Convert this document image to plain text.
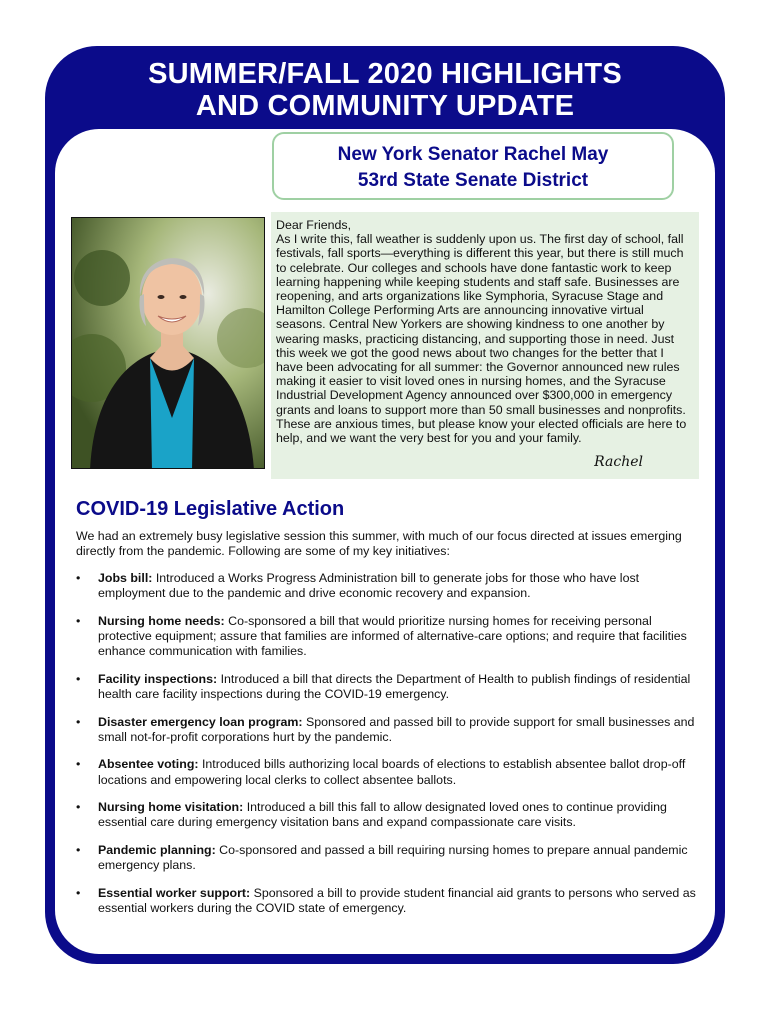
SUMMER/FALL 2020 HIGHLIGHTS
AND COMMUNITY UPDATE
New York Senator Rachel May
53rd State Senate District

Dear Friends,

As I write this, fall weather is suddenly upon us. The first day of school, fall festivals, fall sports—everything is different this year, but there is still much to celebrate. Our colleges and schools have done fantastic work to keep learning happening while keeping students and staff safe. Businesses are reopening, and arts organizations like Symphoria, Syracuse Stage and Hamilton College Performing Arts are announcing innovative virtual seasons. Central New Yorkers are showing kindness to one another by wearing masks, practicing distancing, and supporting those in need. Just this week we got the good news about two changes for the better that I have been advocating for all summer: the Governor announced new rules making it easier to visit loved ones in nursing homes, and the Syracuse Industrial Development Agency announced over $300,000 in emergency grants and loans to support more than 50 small businesses and nonprofits. These are anxious times, but please know your elected officials are here to help, and we want the very best for you and your family.

Rachel
COVID-19 Legislative Action

We had an extremely busy legislative session this summer, with much of our focus directed at issues emerging directly from the pandemic. Following are some of my key initiatives:

• Jobs bill: Introduced a Works Progress Administration bill to generate jobs for those who have lost employment due to the pandemic and drive economic recovery and expansion.
• Nursing home needs: Co-sponsored a bill that would prioritize nursing homes for receiving personal protective equipment; assure that families are informed of alternative-care options; and require that facilities enhance communication with families.
• Facility inspections: Introduced a bill that directs the Department of Health to publish findings of residential health care facility inspections during the COVID-19 emergency.
• Disaster emergency loan program: Sponsored and passed bill to provide support for small businesses and small not-for-profit corporations hurt by the pandemic.
• Absentee voting: Introduced bills authorizing local boards of elections to establish absentee ballot drop-off locations and empowering local clerks to collect absentee ballots.
• Nursing home visitation: Introduced a bill this fall to allow designated loved ones to continue providing essential care during emergency visitation bans and expand compassionate care visits.
• Pandemic planning: Co-sponsored and passed a bill requiring nursing homes to prepare annual pandemic emergency plans.
• Essential worker support: Sponsored a bill to provide student financial aid grants to persons who served as essential workers during the COVID state of emergency.
